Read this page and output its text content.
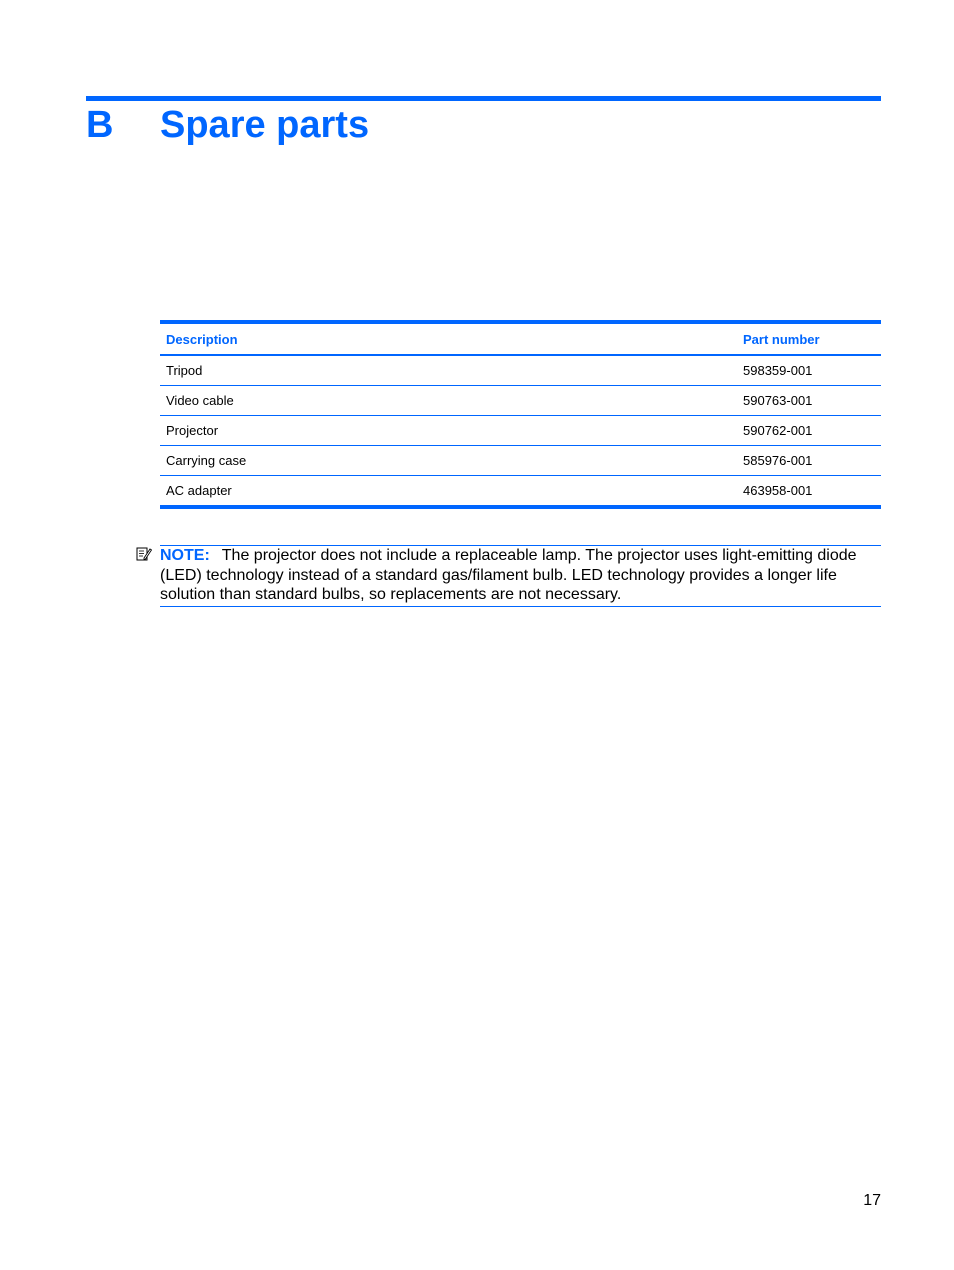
B Spare parts
Description	Part number
Tripod	598359-001
Video cable	590763-001
Projector	590762-001
Carrying case	585976-001
AC adapter	463958-001
NOTE: The projector does not include a replaceable lamp. The projector uses light-emitting diode (LED) technology instead of a standard gas/filament bulb. LED technology provides a longer life solution than standard bulbs, so replacements are not necessary.
17
